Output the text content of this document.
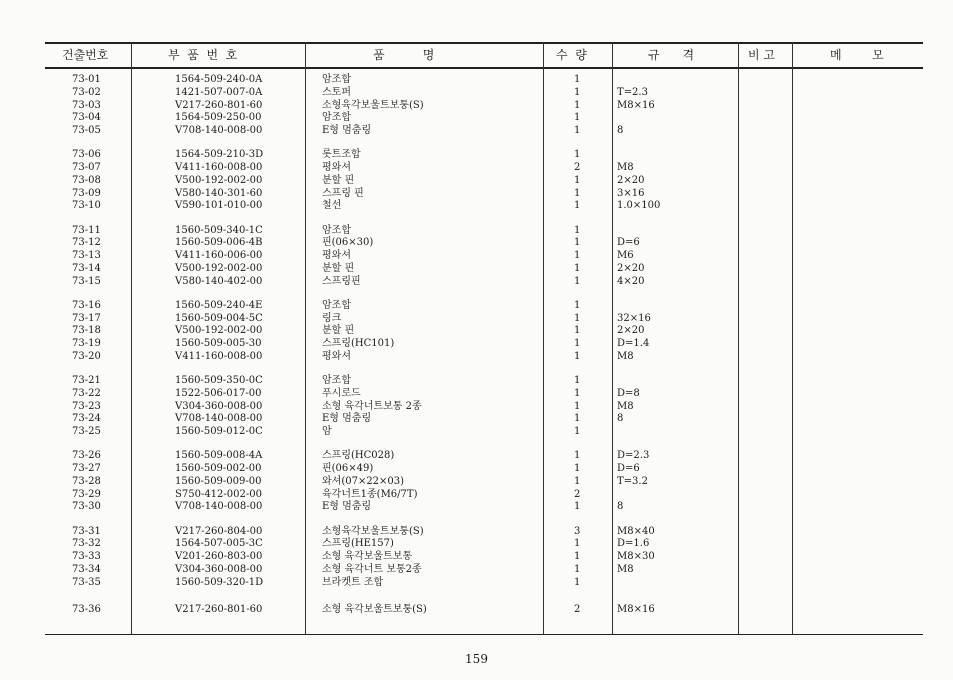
건출번호	부  품  번  호	품          명	수  량	규      격	비 고	메        모
73-01	1564-509-240-0A	암조합	1
73-02	1421-507-007-0A	스토퍼	1	T=2.3
73-03	V217-260-801-60	소형육각보울트보퉁(S)	1	M8×16
73-04	1564-509-250-00	암조합	1
73-05	V708-140-008-00	E형 멈춤링	1	8
73-06	1564-509-210-3D	롯트조합	1
73-07	V411-160-008-00	평와셔	2	M8
73-08	V500-192-002-00	분할 핀	1	2×20
73-09	V580-140-301-60	스프링 핀	1	3×16
73-10	V590-101-010-00	철선	1	1.0×100
73-11	1560-509-340-1C	암조합	1
73-12	1560-509-006-4B	핀(06×30)	1	D=6
73-13	V411-160-006-00	평와셔	1	M6
73-14	V500-192-002-00	분할 핀	1	2×20
73-15	V580-140-402-00	스프링핀	1	4×20
73-16	1560-509-240-4E	암조합	1
73-17	1560-509-004-5C	링크	1	32×16
73-18	V500-192-002-00	분할 핀	1	2×20
73-19	1560-509-005-30	스프링(HC101)	1	D=1.4
73-20	V411-160-008-00	평와셔	1	M8
73-21	1560-509-350-0C	암조합	1
73-22	1522-506-017-00	푸시로드	1	D=8
73-23	V304-360-008-00	소형 육각너트보통 2종	1	M8
73-24	V708-140-008-00	E형 멈춤링	1	8
73-25	1560-509-012-0C	암	1
73-26	1560-509-008-4A	스프링(HC028)	1	D=2.3
73-27	1560-509-002-00	핀(06×49)	1	D=6
73-28	1560-509-009-00	와셔(07×22×03)	1	T=3.2
73-29	S750-412-002-00	육각너트1종(M6/7T)	2
73-30	V708-140-008-00	E형 멈춤링	1	8
73-31	V217-260-804-00	소형육각보울트보퉁(S)	3	M8×40
73-32	1564-507-005-3C	스프링(HE157)	1	D=1.6
73-33	V201-260-803-00	소형 육각보울트보통	1	M8×30
73-34	V304-360-008-00	소형 육각너트 보통2종	1	M8
73-35	1560-509-320-1D	브라켓트 조합	1
73-36	V217-260-801-60	소형 육각보울트보퉁(S)	2	M8×16
159
